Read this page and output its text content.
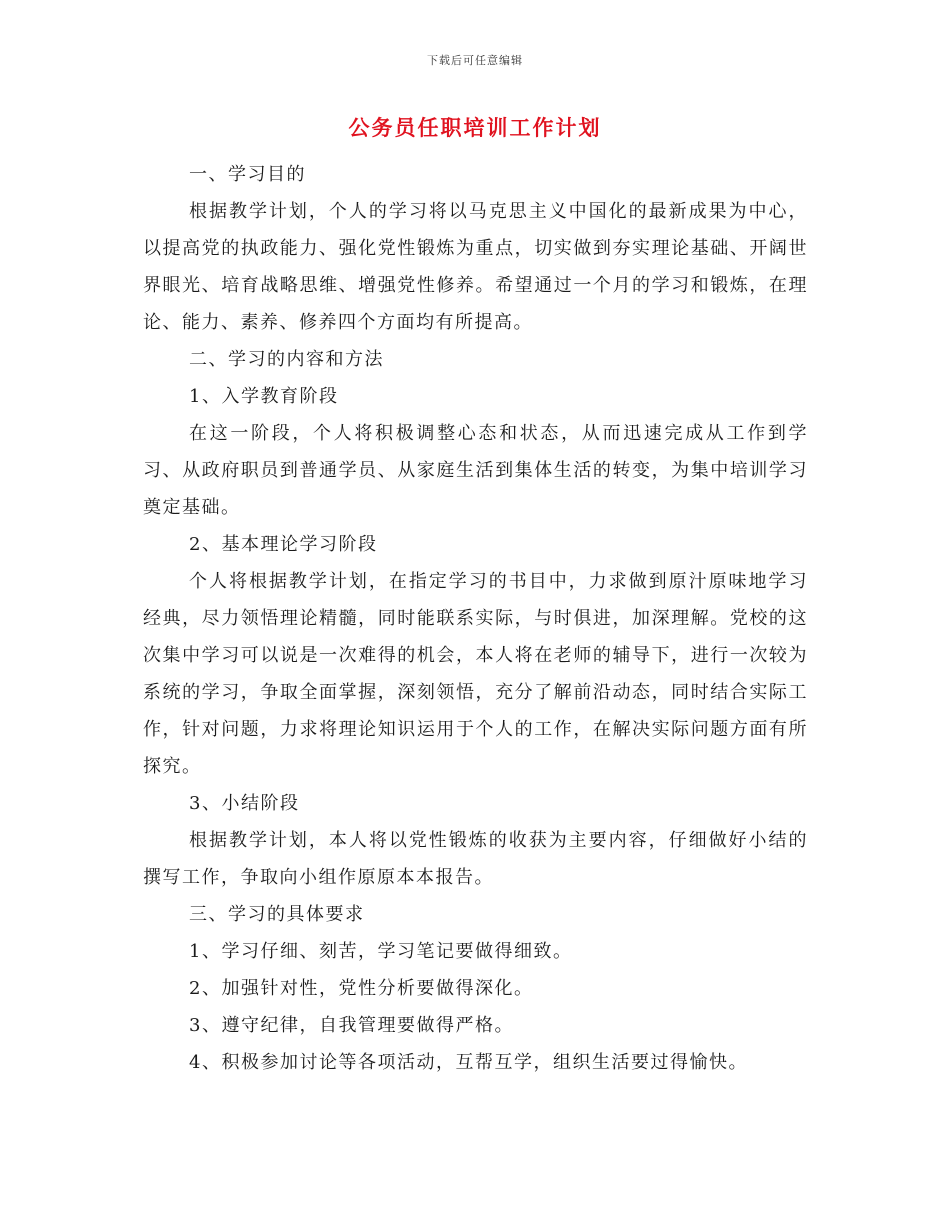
下载后可任意编辑
公务员任职培训工作计划

一、学习目的

根据教学计划，个人的学习将以马克思主义中国化的最新成果为中心，以提高党的执政能力、强化党性锻炼为重点，切实做到夯实理论基础、开阔世界眼光、培育战略思维、增强党性修养。希望通过一个月的学习和锻炼，在理论、能力、素养、修养四个方面均有所提高。

二、学习的内容和方法

1、入学教育阶段

在这一阶段，个人将积极调整心态和状态，从而迅速完成从工作到学习、从政府职员到普通学员、从家庭生活到集体生活的转变，为集中培训学习奠定基础。

2、基本理论学习阶段

个人将根据教学计划，在指定学习的书目中，力求做到原汁原味地学习经典，尽力领悟理论精髓，同时能联系实际，与时俱进，加深理解。党校的这次集中学习可以说是一次难得的机会，本人将在老师的辅导下，进行一次较为系统的学习，争取全面掌握，深刻领悟，充分了解前沿动态，同时结合实际工作，针对问题，力求将理论知识运用于个人的工作，在解决实际问题方面有所探究。

3、小结阶段

根据教学计划，本人将以党性锻炼的收获为主要内容，仔细做好小结的撰写工作，争取向小组作原原本本报告。

三、学习的具体要求

1、学习仔细、刻苦，学习笔记要做得细致。

2、加强针对性，党性分析要做得深化。

3、遵守纪律，自我管理要做得严格。

4、积极参加讨论等各项活动，互帮互学，组织生活要过得愉快。
